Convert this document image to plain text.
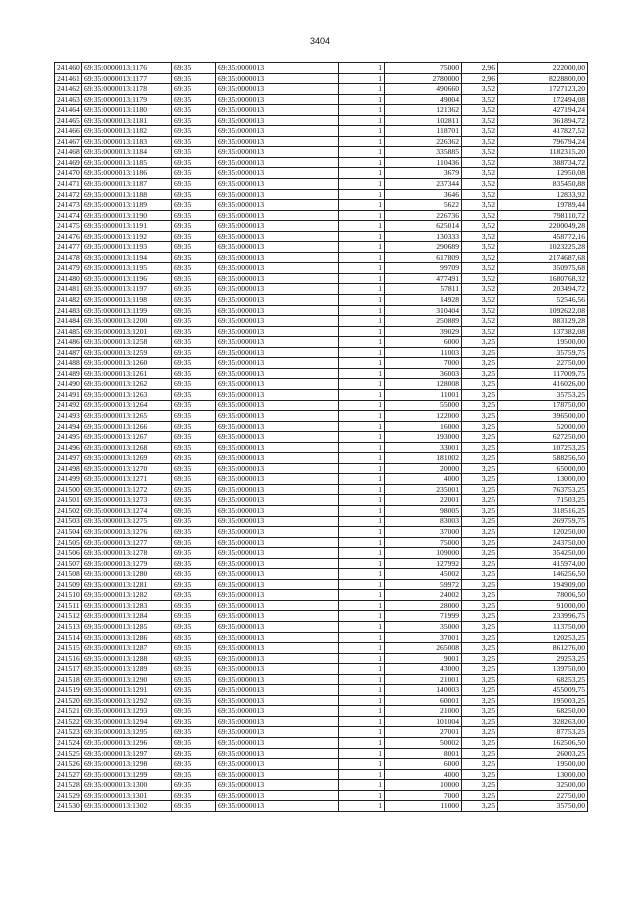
3404
241460	69:35:0000013:1176	69:35	69:35:0000013	1	75000	2,96	222000,00
241461	69:35:0000013:1177	69:35	69:35:0000013	1	2780000	2,96	8228800,00
241462	69:35:0000013:1178	69:35	69:35:0000013	1	490660	3,52	1727123,20
241463	69:35:0000013:1179	69:35	69:35:0000013	1	49004	3,52	172494,08
241464	69:35:0000013:1180	69:35	69:35:0000013	1	121362	3,52	427194,24
241465	69:35:0000013:1181	69:35	69:35:0000013	1	102811	3,52	361894,72
241466	69:35:0000013:1182	69:35	69:35:0000013	1	118701	3,52	417827,52
241467	69:35:0000013:1183	69:35	69:35:0000013	1	226362	3,52	796794,24
241468	69:35:0000013:1184	69:35	69:35:0000013	1	335885	3,52	1182315,20
241469	69:35:0000013:1185	69:35	69:35:0000013	1	110436	3,52	388734,72
241470	69:35:0000013:1186	69:35	69:35:0000013	1	3679	3,52	12950,08
241471	69:35:0000013:1187	69:35	69:35:0000013	1	237344	3,52	835450,88
241472	69:35:0000013:1188	69:35	69:35:0000013	1	3646	3,52	12833,92
241473	69:35:0000013:1189	69:35	69:35:0000013	1	5622	3,52	19789,44
241474	69:35:0000013:1190	69:35	69:35:0000013	1	226736	3,52	798110,72
241475	69:35:0000013:1191	69:35	69:35:0000013	1	625014	3,52	2200049,28
241476	69:35:0000013:1192	69:35	69:35:0000013	1	130333	3,52	458772,16
241477	69:35:0000013:1193	69:35	69:35:0000013	1	290689	3,52	1023225,28
241478	69:35:0000013:1194	69:35	69:35:0000013	1	617809	3,52	2174687,68
241479	69:35:0000013:1195	69:35	69:35:0000013	1	99709	3,52	350975,68
241480	69:35:0000013:1196	69:35	69:35:0000013	1	477491	3,52	1680768,32
241481	69:35:0000013:1197	69:35	69:35:0000013	1	57811	3,52	203494,72
241482	69:35:0000013:1198	69:35	69:35:0000013	1	14928	3,52	52546,56
241483	69:35:0000013:1199	69:35	69:35:0000013	1	310404	3,52	1092622,08
241484	69:35:0000013:1200	69:35	69:35:0000013	1	250889	3,52	883129,28
241485	69:35:0000013:1201	69:35	69:35:0000013	1	39029	3,52	137382,08
241486	69:35:0000013:1258	69:35	69:35:0000013	1	6000	3,25	19500,00
241487	69:35:0000013:1259	69:35	69:35:0000013	1	11003	3,25	35759,75
241488	69:35:0000013:1260	69:35	69:35:0000013	1	7000	3,25	22750,00
241489	69:35:0000013:1261	69:35	69:35:0000013	1	36003	3,25	117009,75
241490	69:35:0000013:1262	69:35	69:35:0000013	1	128008	3,25	416026,00
241491	69:35:0000013:1263	69:35	69:35:0000013	1	11001	3,25	35753,25
241492	69:35:0000013:1264	69:35	69:35:0000013	1	55000	3,25	178750,00
241493	69:35:0000013:1265	69:35	69:35:0000013	1	122000	3,25	396500,00
241494	69:35:0000013:1266	69:35	69:35:0000013	1	16000	3,25	52000,00
241495	69:35:0000013:1267	69:35	69:35:0000013	1	193000	3,25	627250,00
241496	69:35:0000013:1268	69:35	69:35:0000013	1	33001	3,25	107253,25
241497	69:35:0000013:1269	69:35	69:35:0000013	1	181002	3,25	588256,50
241498	69:35:0000013:1270	69:35	69:35:0000013	1	20000	3,25	65000,00
241499	69:35:0000013:1271	69:35	69:35:0000013	1	4000	3,25	13000,00
241500	69:35:0000013:1272	69:35	69:35:0000013	1	235001	3,25	763753,25
241501	69:35:0000013:1273	69:35	69:35:0000013	1	22001	3,25	71503,25
241502	69:35:0000013:1274	69:35	69:35:0000013	1	98005	3,25	318516,25
241503	69:35:0000013:1275	69:35	69:35:0000013	1	83003	3,25	269759,75
241504	69:35:0000013:1276	69:35	69:35:0000013	1	37000	3,25	120250,00
241505	69:35:0000013:1277	69:35	69:35:0000013	1	75000	3,25	243750,00
241506	69:35:0000013:1278	69:35	69:35:0000013	1	109000	3,25	354250,00
241507	69:35:0000013:1279	69:35	69:35:0000013	1	127992	3,25	415974,00
241508	69:35:0000013:1280	69:35	69:35:0000013	1	45002	3,25	146256,50
241509	69:35:0000013:1281	69:35	69:35:0000013	1	59972	3,25	194909,00
241510	69:35:0000013:1282	69:35	69:35:0000013	1	24002	3,25	78006,50
241511	69:35:0000013:1283	69:35	69:35:0000013	1	28000	3,25	91000,00
241512	69:35:0000013:1284	69:35	69:35:0000013	1	71999	3,25	233996,75
241513	69:35:0000013:1285	69:35	69:35:0000013	1	35000	3,25	113750,00
241514	69:35:0000013:1286	69:35	69:35:0000013	1	37001	3,25	120253,25
241515	69:35:0000013:1287	69:35	69:35:0000013	1	265008	3,25	861276,00
241516	69:35:0000013:1288	69:35	69:35:0000013	1	9001	3,25	29253,25
241517	69:35:0000013:1289	69:35	69:35:0000013	1	43000	3,25	139750,00
241518	69:35:0000013:1290	69:35	69:35:0000013	1	21001	3,25	68253,25
241519	69:35:0000013:1291	69:35	69:35:0000013	1	140003	3,25	455009,75
241520	69:35:0000013:1292	69:35	69:35:0000013	1	60001	3,25	195003,25
241521	69:35:0000013:1293	69:35	69:35:0000013	1	21000	3,25	68250,00
241522	69:35:0000013:1294	69:35	69:35:0000013	1	101004	3,25	328263,00
241523	69:35:0000013:1295	69:35	69:35:0000013	1	27001	3,25	87753,25
241524	69:35:0000013:1296	69:35	69:35:0000013	1	50002	3,25	162506,50
241525	69:35:0000013:1297	69:35	69:35:0000013	1	8001	3,25	26003,25
241526	69:35:0000013:1298	69:35	69:35:0000013	1	6000	3,25	19500,00
241527	69:35:0000013:1299	69:35	69:35:0000013	1	4000	3,25	13000,00
241528	69:35:0000013:1300	69:35	69:35:0000013	1	10000	3,25	32500,00
241529	69:35:0000013:1301	69:35	69:35:0000013	1	7000	3,25	22750,00
241530	69:35:0000013:1302	69:35	69:35:0000013	1	11000	3,25	35750,00
